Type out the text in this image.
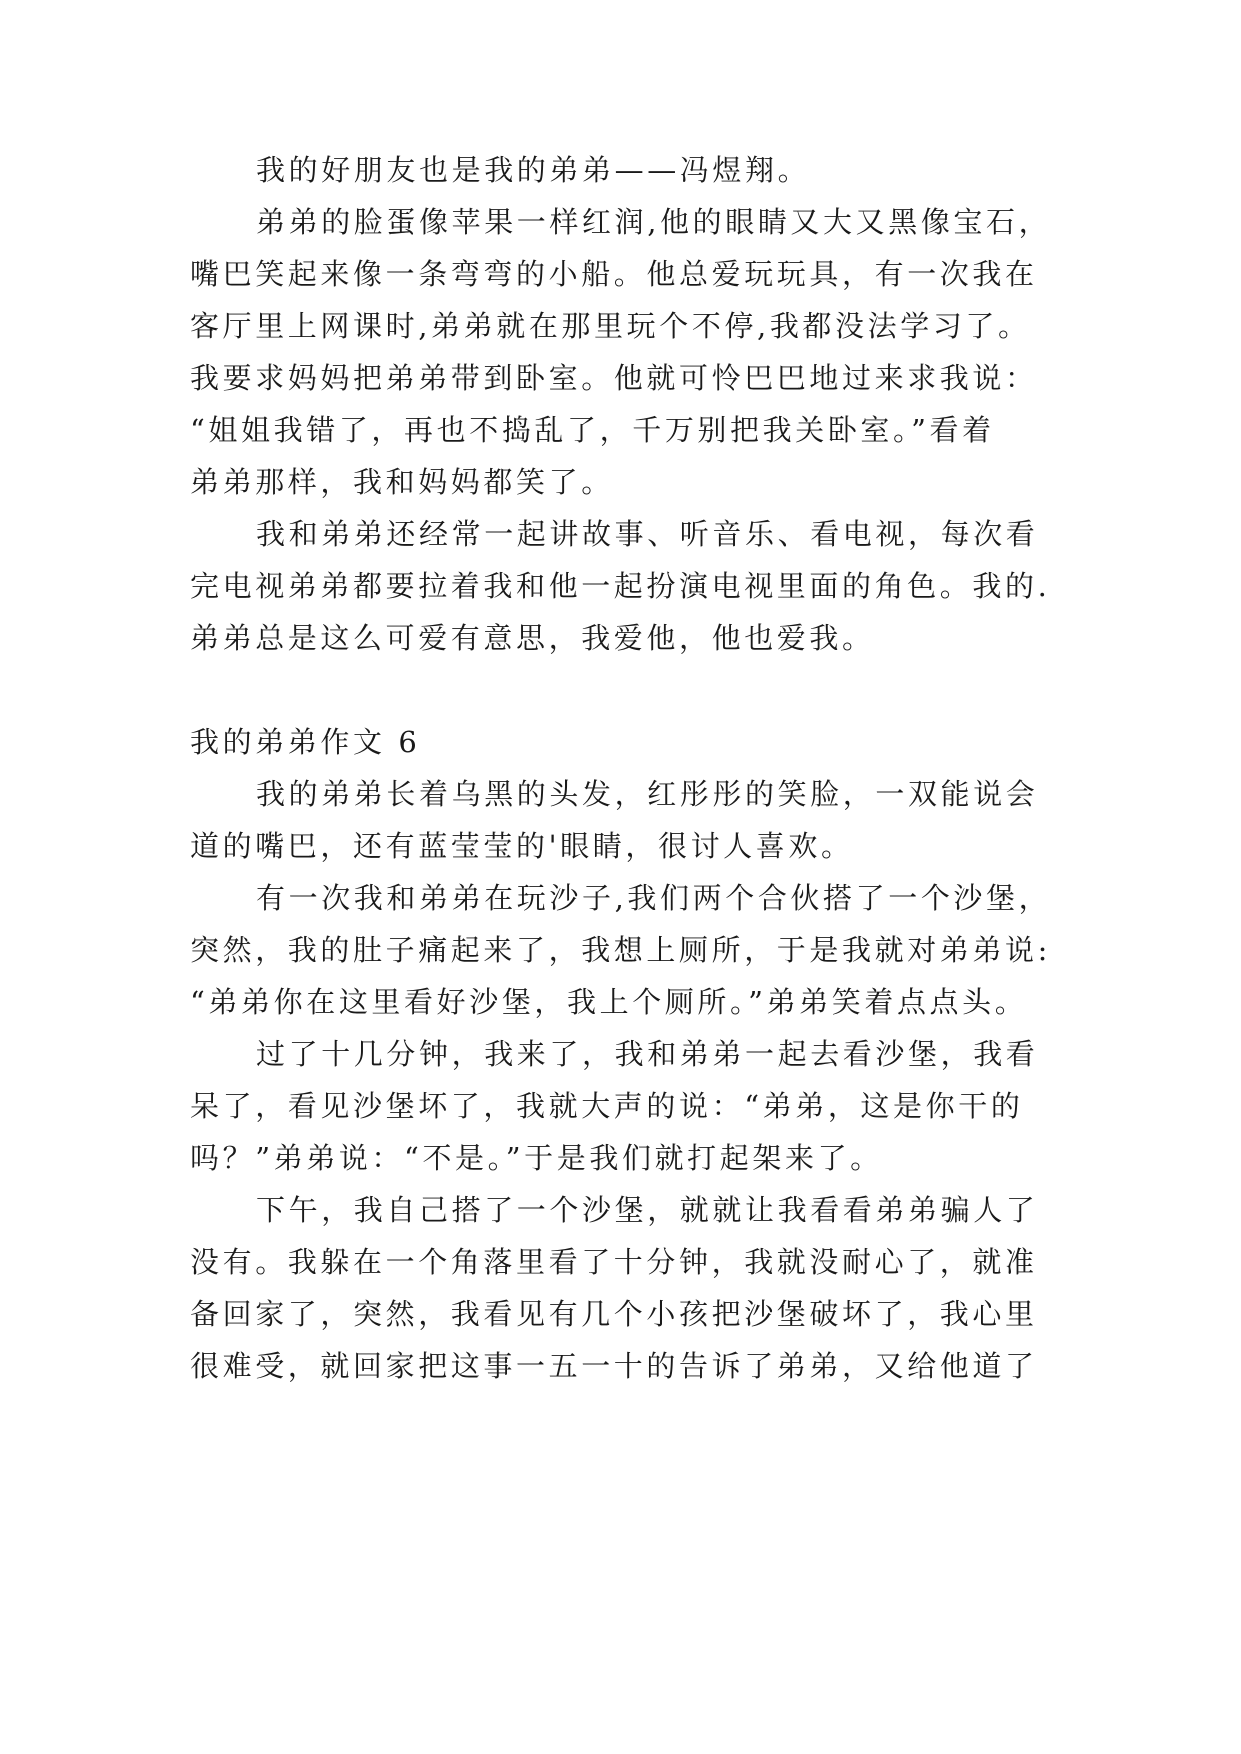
我的好朋友也是我的弟弟——冯煜翔。

弟弟的脸蛋像苹果一样红润,他的眼睛又大又黑像宝石，

嘴巴笑起来像一条弯弯的小船。他总爱玩玩具，有一次我在

客厅里上网课时,弟弟就在那里玩个不停,我都没法学习了。

我要求妈妈把弟弟带到卧室。他就可怜巴巴地过来求我说：

“姐姐我错了，再也不捣乱了，千万别把我关卧室。”看着

弟弟那样，我和妈妈都笑了。

我和弟弟还经常一起讲故事、听音乐、看电视，每次看

完电视弟弟都要拉着我和他一起扮演电视里面的角色。我的.

弟弟总是这么可爱有意思，我爱他，他也爱我。

我的弟弟作文 6

我的弟弟长着乌黑的头发，红彤彤的笑脸，一双能说会

道的嘴巴，还有蓝莹莹的'眼睛，很讨人喜欢。

有一次我和弟弟在玩沙子,我们两个合伙搭了一个沙堡，

突然，我的肚子痛起来了，我想上厕所，于是我就对弟弟说:

“弟弟你在这里看好沙堡，我上个厕所。”弟弟笑着点点头。

过了十几分钟，我来了，我和弟弟一起去看沙堡，我看

呆了，看见沙堡坏了，我就大声的说：“弟弟，这是你干的

吗？”弟弟说：“不是。”于是我们就打起架来了。

下午，我自己搭了一个沙堡，就就让我看看弟弟骗人了

没有。我躲在一个角落里看了十分钟，我就没耐心了，就准

备回家了，突然，我看见有几个小孩把沙堡破坏了，我心里

很难受，就回家把这事一五一十的告诉了弟弟，又给他道了
